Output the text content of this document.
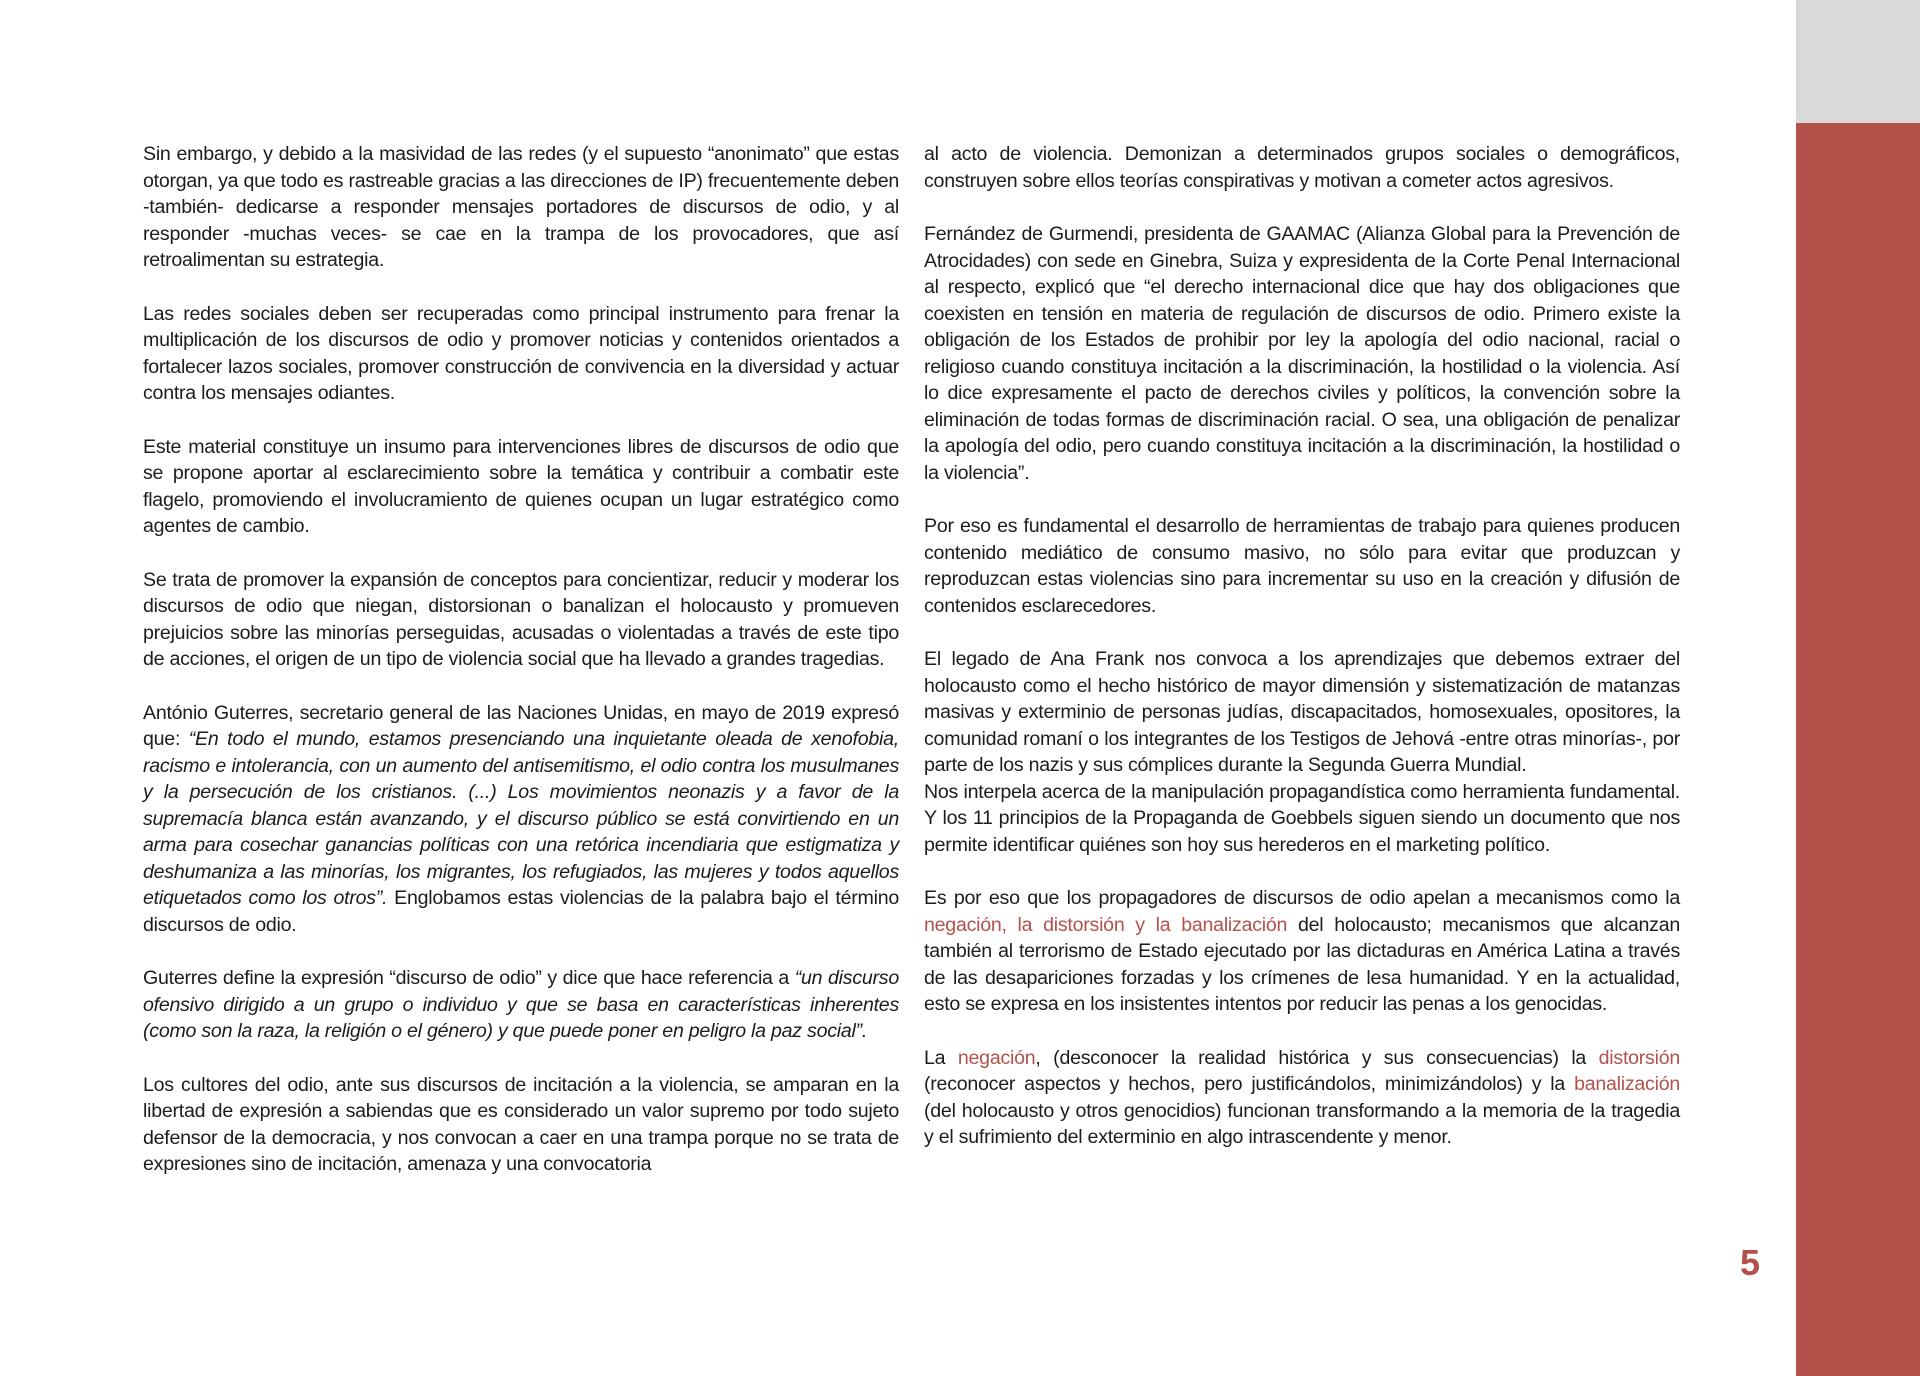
5

Sin embargo, y debido a la masividad de las redes (y el supuesto “anonimato” que estas otorgan, ya que todo es rastreable gracias a las direcciones de IP) frecuentemente deben -también- dedicarse a responder mensajes portadores de discursos de odio, y al responder -muchas veces- se cae en la trampa de los provocadores, que así retroalimentan su estrategia.

Las redes sociales deben ser recuperadas como principal instrumento para frenar la multiplicación de los discursos de odio y promover noticias y contenidos orientados a fortalecer lazos sociales, promover construcción de convivencia en la diversidad y actuar contra los mensajes odiantes.

Este material constituye un insumo para intervenciones libres de discursos de odio que se propone aportar al esclarecimiento sobre la temática y contribuir a combatir este flagelo, promoviendo el involucramiento de quienes ocupan un lugar estratégico como agentes de cambio.

Se trata de promover la expansión de conceptos para concientizar, reducir y moderar los discursos de odio que niegan, distorsionan o banalizan el holocausto y promueven prejuicios sobre las minorías perseguidas, acusadas o violentadas a través de este tipo de acciones, el origen de un tipo de violencia social que ha llevado a grandes tragedias.

António Guterres, secretario general de las Naciones Unidas, en mayo de 2019 expresó que: “En todo el mundo, estamos presenciando una inquietante oleada de xenofobia, racismo e intolerancia, con un aumento del antisemitismo, el odio contra los musulmanes y la persecución de los cristianos. (...) Los movimientos neonazis y a favor de la supremacía blanca están avanzando, y el discurso público se está convirtiendo en un arma para cosechar ganancias políticas con una retórica incendiaria que estigmatiza y deshumaniza a las minorías, los migrantes, los refugiados, las mujeres y todos aquellos etiquetados como los otros”. Englobamos estas violencias de la palabra bajo el término discursos de odio.

Guterres define la expresión “discurso de odio” y dice que hace referencia a “un discurso ofensivo dirigido a un grupo o individuo y que se basa en características inherentes (como son la raza, la religión o el género) y que puede poner en peligro la paz social”.

Los cultores del odio, ante sus discursos de incitación a la violencia, se amparan en la libertad de expresión a sabiendas que es considerado un valor supremo por todo sujeto defensor de la democracia, y nos convocan a caer en una trampa porque no se trata de expresiones sino de incitación, amenaza y una convocatoria

al acto de violencia. Demonizan a determinados grupos sociales o demográficos, construyen sobre ellos teorías conspirativas y motivan a cometer actos agresivos.

Fernández de Gurmendi, presidenta de GAAMAC (Alianza Global para la Prevención de Atrocidades) con sede en Ginebra, Suiza y expresidenta de la Corte Penal Internacional al respecto, explicó que “el derecho internacional dice que hay dos obligaciones que coexisten en tensión en materia de regulación de discursos de odio. Primero existe la obligación de los Estados de prohibir por ley la apología del odio nacional, racial o religioso cuando constituya incitación a la discriminación, la hostilidad o la violencia. Así lo dice expresamente el pacto de derechos civiles y políticos, la convención sobre la eliminación de todas formas de discriminación racial. O sea, una obligación de penalizar la apología del odio, pero cuando constituya incitación a la discriminación, la hostilidad o la violencia”.

Por eso es fundamental el desarrollo de herramientas de trabajo para quienes producen contenido mediático de consumo masivo, no sólo para evitar que produzcan y reproduzcan estas violencias sino para incrementar su uso en la creación y difusión de contenidos esclarecedores.

El legado de Ana Frank nos convoca a los aprendizajes que debemos extraer del holocausto como el hecho histórico de mayor dimensión y sistematización de matanzas masivas y exterminio de personas judías, discapacitados, homosexuales, opositores, la comunidad romaní o los integrantes de los Testigos de Jehová -entre otras minorías-, por parte de los nazis y sus cómplices durante la Segunda Guerra Mundial.

Nos interpela acerca de la manipulación propagandística como herramienta fundamental. Y los 11 principios de la Propaganda de Goebbels siguen siendo un documento que nos permite identificar quiénes son hoy sus herederos en el marketing político.

Es por eso que los propagadores de discursos de odio apelan a mecanismos como la negación, la distorsión y la banalización del holocausto; mecanismos que alcanzan también al terrorismo de Estado ejecutado por las dictaduras en América Latina a través de las desapariciones forzadas y los crímenes de lesa humanidad. Y en la actualidad, esto se expresa en los insistentes intentos por reducir las penas a los genocidas.

La negación, (desconocer la realidad histórica y sus consecuencias) la distorsión (reconocer aspectos y hechos, pero justificándolos, minimizándolos) y la banalización (del holocausto y otros genocidios) funcionan transformando a la memoria de la tragedia y el sufrimiento del exterminio en algo intrascendente y menor.
